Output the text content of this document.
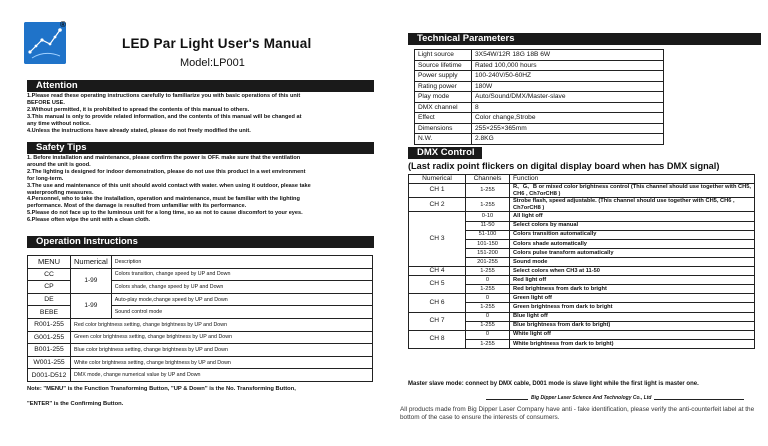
®
LED Par Light User's Manual
Model:LP001
Attention

1.Please read these operating instructions carefully to familiarize you with basic operations of this unit

BEFORE USE.

2.Without permitted, it is prohibited to spread the contents of this manual to others.

3.This manual is only to provide related information, and the contents of this manual will be changed at

any time without notice.

4.Unless the instructions have already stated, please do not freely modified the unit.

Safety Tips

1. Before installation and maintenance, please confirm the power is OFF. make sure that the ventilation

around the unit is good.

2.The lighting is designed for indoor demonstration, please do not use this product in a wet environment

for long-term.

3.The use and maintenance of this unit should avoid contact with water. when using it outdoor, please take

waterproofing measures.

4.Personnel, who to take the installation, operation and maintenance, must be familiar with the lighting

performance. Most of the damage is resulted from unfamiliar with its performance.

5.Please do not face up to the luminous unit for a long time, so as not to cause discomfort to your eyes.

6.Please often wipe the unit with a clean cloth.

Operation Instructions
MENU	Numerical	Description
CC	1-99	Colors transition, change speed by UP and Down
CP		Colors shade, change speed by UP and Down
DE	1-99	Auto-play mode,change speed by UP and Down
BEBE		Sound control mode
R001-255	Red color brightness setting, change brightness by UP and Down	
G001-255	Green color brightness setting, change brightness by UP and Down	
B001-255	Blue color brightness setting, change brightness by UP and Down	
W001-255	White color brightness setting, change brightness by UP and Down	
D001-D512	DMX mode, change numerical value by UP and Down	
Note: "MENU" is the Function Transforming Button, "UP & Down" is the No. Transforming Button,
"ENTER" is the Confirming Button.
Technical Parameters
Light source	3X54W/12R 18G 18B 6W
Source lifetime	Rated 100,000 hours
Power supply	100-240V/50-60HZ
Rating power	180W
Play mode	Auto/Sound/DMX/Master-slave
DMX channel	8
Effect	Color change,Strobe
Dimensions	255×255×365mm
N.W.	2.8KG
DMX Control
(Last radix point flickers on digital display board when has DMX signal)
Numerical	Channels	Function
CH 1	1-255	R、G、B or mixed color brightness control (This channel should use together with CH5, CH6 , Ch7orCH8 )
CH 2	1-255	Strobe flash, speed adjustable. (This channel should use together with CH5, CH6 , Ch7orCH8 )
CH 3	0-10	All light off
	11-50	Select colors by manual
	51-100	Colors transition automatically
	101-150	Colors shade automatically
	151-200	Colors pulse transform automatically
	201-255	Sound mode
CH 4	1-255	Select colors when CH3 at 11-50
CH 5	0	Red light off
	1-255	Red brightness from dark to bright
CH 6	0	Green light off
	1-255	Green brightness from dark to bright
CH 7	0	Blue light off
	1-255	Blue brightness from dark to bright)
CH 8	0	White light off
	1-255	White brightness from dark to bright)
Master slave mode: connect by DMX cable, D001 mode is slave light while the first light is master one.
Big Dipper Laser Science And Technology Co., Ltd
All products made from Big Dipper Laser Company have anti - fake identification, please verify the anti-counterfeit label at the bottom of the case to ensure the interests of consumers.
